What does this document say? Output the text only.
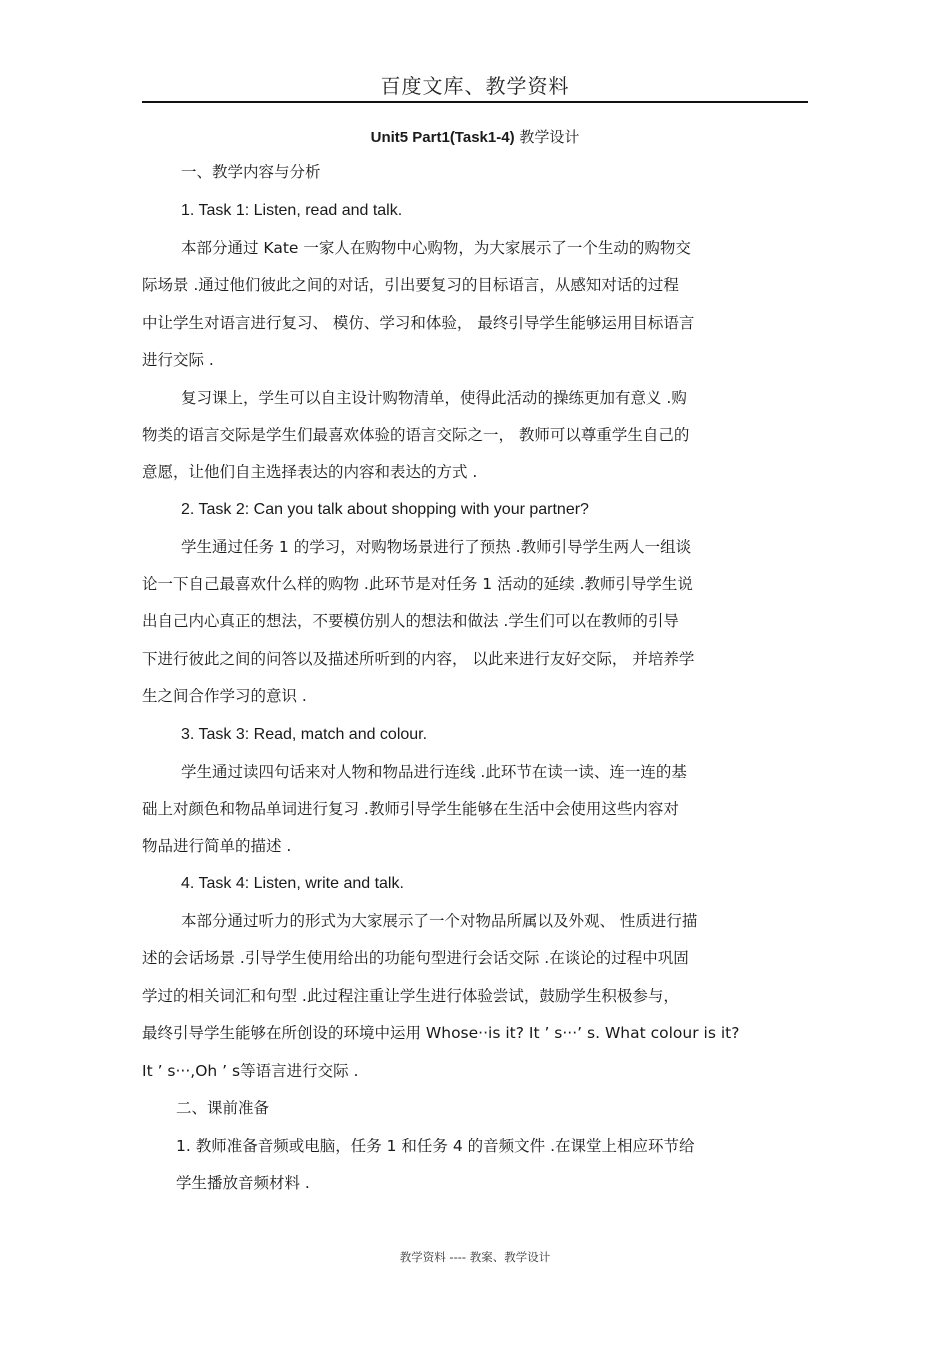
百度文库、教学资料
Unit5 Part1(Task1-4) 教学设计
一、教学内容与分析
1. Task 1: Listen, read and talk.
本部分通过 Kate 一家人在购物中心购物，为大家展示了一个生动的购物交
际场景 .通过他们彼此之间的对话，引出要复习的目标语言，从感知对话的过程
中让学生对语言进行复习、 模仿、学习和体验， 最终引导学生能够运用目标语言
进行交际 .
复习课上，学生可以自主设计购物清单，使得此活动的操练更加有意义 .购
物类的语言交际是学生们最喜欢体验的语言交际之一， 教师可以尊重学生自己的
意愿，让他们自主选择表达的内容和表达的方式 .
2. Task 2: Can you talk about shopping with your partner?
学生通过任务 1 的学习，对购物场景进行了预热 .教师引导学生两人一组谈
论一下自己最喜欢什么样的购物 .此环节是对任务 1 活动的延续 .教师引导学生说
出自己内心真正的想法，不要模仿别人的想法和做法 .学生们可以在教师的引导
下进行彼此之间的问答以及描述所听到的内容， 以此来进行友好交际， 并培养学
生之间合作学习的意识 .
3. Task 3: Read, match and colour.
学生通过读四句话来对人物和物品进行连线 .此环节在读一读、连一连的基
础上对颜色和物品单词进行复习 .教师引导学生能够在生活中会使用这些内容对
物品进行简单的描述 .
4. Task 4: Listen, write and talk.
本部分通过听力的形式为大家展示了一个对物品所属以及外观、 性质进行描
述的会话场景 .引导学生使用给出的功能句型进行会话交际 .在谈论的过程中巩固
学过的相关词汇和句型 .此过程注重让学生进行体验尝试，鼓励学生积极参与，
最终引导学生能够在所创设的环境中运用 Whose··is it? It ’ s···’ s. What colour is it?
It ’ s···,Oh ’ s等语言进行交际 .
二、课前准备
1. 教师准备音频或电脑，任务 1 和任务 4 的音频文件 .在课堂上相应环节给
学生播放音频材料 .
教学资料 ---- 教案、教学设计
